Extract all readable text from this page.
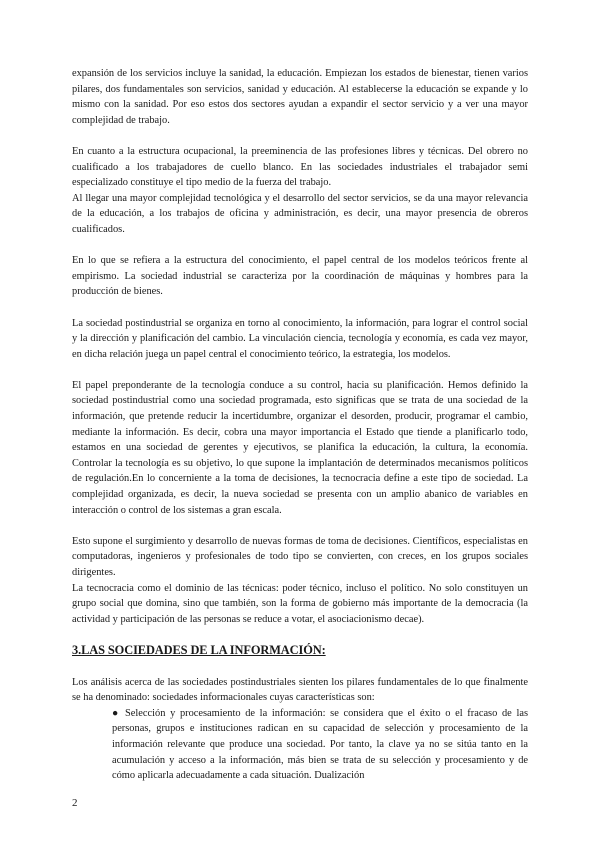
expansión de los servicios incluye la sanidad, la educación. Empiezan los estados de bienestar, tienen varios pilares, dos fundamentales son servicios, sanidad y educación. Al establecerse la educación se expande y lo mismo con la sanidad. Por eso estos dos sectores ayudan a expandir el sector servicio y a ver una mayor complejidad de trabajo.

En cuanto a la estructura ocupacional, la preeminencia de las profesiones libres y técnicas. Del obrero no cualificado a los trabajadores de cuello blanco. En las sociedades industriales el trabajador semi especializado constituye el tipo medio de la fuerza del trabajo.

Al llegar una mayor complejidad tecnológica y el desarrollo del sector servicios, se da una mayor relevancia de la educación, a los trabajos de oficina y administración, es decir, una mayor presencia de obreros cualificados.

En lo que se refiera a la estructura del conocimiento, el papel central de los modelos teóricos frente al empirismo. La sociedad industrial se caracteriza por la coordinación de máquinas y hombres para la producción de bienes.

La sociedad postindustrial se organiza en torno al conocimiento, la información, para lograr el control social y la dirección y planificación del cambio. La vinculación ciencia, tecnología y economía, es cada vez mayor, en dicha relación juega un papel central el conocimiento teórico, la estrategia, los modelos.

El papel preponderante de la tecnología conduce a su control, hacia su planificación. Hemos definido la sociedad postindustrial como una sociedad programada, esto significas que se trata de una sociedad de la información, que pretende reducir la incertidumbre, organizar el desorden, producir, programar el cambio, mediante la información. Es decir, cobra una mayor importancia el Estado que tiende a planificarlo todo, estamos en una sociedad de gerentes y ejecutivos, se planifica la educación, la cultura, la economía. Controlar la tecnología es su objetivo, lo que supone la implantación de determinados mecanismos políticos de regulación.En lo concerniente a la toma de decisiones, la tecnocracia define a este tipo de sociedad. La complejidad organizada, es decir, la nueva sociedad se presenta con un amplio abanico de variables en interacción o control de los sistemas a gran escala.

Esto supone el surgimiento y desarrollo de nuevas formas de toma de decisiones. Científicos, especialistas en computadoras, ingenieros y profesionales de todo tipo se convierten, con creces, en los grupos sociales dirigentes.

La tecnocracia como el dominio de las técnicas: poder técnico, incluso el político. No solo constituyen un grupo social que domina, sino que también, son la forma de gobierno más importante de la democracia (la actividad y participación de las personas se reduce a votar, el asociacionismo decae).

3.LAS SOCIEDADES DE LA INFORMACIÓN:

Los análisis acerca de las sociedades postindustriales sienten los pilares fundamentales de lo que finalmente se ha denominado: sociedades informacionales cuyas características son:

● Selección y procesamiento de la información: se considera que el éxito o el fracaso de las personas, grupos e instituciones radican en su capacidad de selección y procesamiento de la información relevante que produce una sociedad. Por tanto, la clave ya no se sitúa tanto en la acumulación y acceso a la información, más bien se trata de su selección y procesamiento y de cómo aplicarla adecuadamente a cada situación. Dualización

2
